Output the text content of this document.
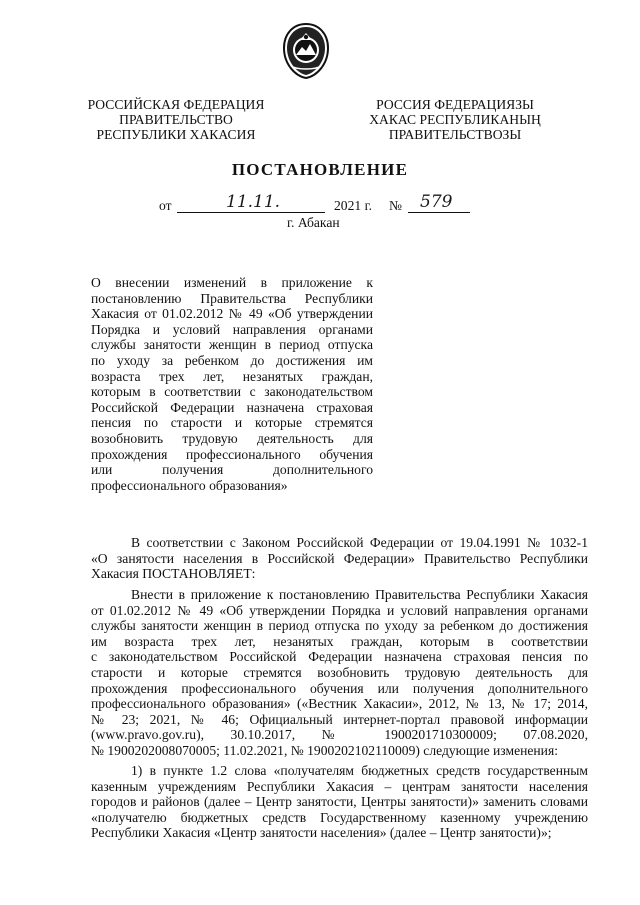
РОССИЙСКАЯ ФЕДЕРАЦИЯ
ПРАВИТЕЛЬСТВО
РЕСПУБЛИКИ ХАКАСИЯ
РОССИЯ ФЕДЕРАЦИЯЗЫ
ХАКАС РЕСПУБЛИКАНЫҢ
ПРАВИТЕЛЬСТВОЗЫ
ПОСТАНОВЛЕНИЕ
от	11.11.	2021 г. № 579
г. Абакан
О внесении изменений в приложение к
постановлению Правительства Республики
Хакасия от 01.02.2012 № 49 «Об утверждении
Порядка и условий направления органами
службы занятости женщин в период отпуска
по уходу за ребенком до достижения им
возраста трех лет, незанятых граждан,
которым в соответствии с законодательством
Российской Федерации назначена страховая
пенсия по старости и которые стремятся
возобновить трудовую деятельность для
прохождения профессионального обучения
или получения дополнительного
профессионального образования»
В соответствии с Законом Российской Федерации от 19.04.1991 № 1032-1
«О занятости населения в Российской Федерации» Правительство Республики
Хакасия ПОСТАНОВЛЯЕТ:
Внести в приложение к постановлению Правительства Республики Хакасия
от 01.02.2012 № 49 «Об утверждении Порядка и условий направления органами
службы занятости женщин в период отпуска по уходу за ребенком до достижения
им возраста трех лет, незанятых граждан, которым в соответствии
с законодательством Российской Федерации назначена страховая пенсия по
старости и которые стремятся возобновить трудовую деятельность для
прохождения профессионального обучения или получения дополнительного
профессионального образования» («Вестник Хакасии», 2012, № 13, № 17; 2014,
№ 23; 2021, № 46; Официальный интернет-портал правовой информации
(www.pravo.gov.ru), 30.10.2017, № 1900201710300009; 07.08.2020,
№ 1900202008070005; 11.02.2021, № 1900202102110009) следующие изменения:
1) в пункте 1.2 слова «получателям бюджетных средств государственным
казенным учреждениям Республики Хакасия – центрам занятости населения
городов и районов (далее – Центр занятости, Центры занятости)» заменить словами
«получателю бюджетных средств Государственному казенному учреждению
Республики Хакасия «Центр занятости населения» (далее – Центр занятости)»;
